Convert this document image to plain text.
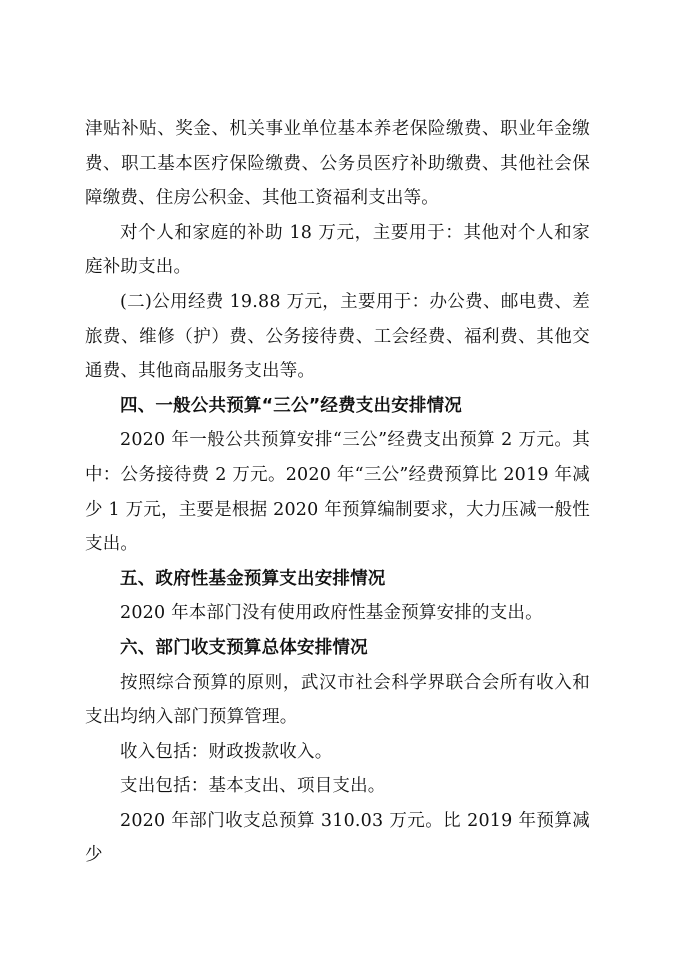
津贴补贴、奖金、机关事业单位基本养老保险缴费、职业年金缴费、职工基本医疗保险缴费、公务员医疗补助缴费、其他社会保障缴费、住房公积金、其他工资福利支出等。

对个人和家庭的补助 18 万元，主要用于：其他对个人和家庭补助支出。

(二)公用经费 19.88 万元，主要用于：办公费、邮电费、差旅费、维修（护）费、公务接待费、工会经费、福利费、其他交通费、其他商品服务支出等。

四、一般公共预算“三公”经费支出安排情况

2020 年一般公共预算安排“三公”经费支出预算 2 万元。其中：公务接待费 2 万元。2020 年“三公”经费预算比 2019 年减少 1 万元，主要是根据 2020 年预算编制要求，大力压减一般性支出。

五、政府性基金预算支出安排情况

2020 年本部门没有使用政府性基金预算安排的支出。

六、部门收支预算总体安排情况

按照综合预算的原则，武汉市社会科学界联合会所有收入和支出均纳入部门预算管理。

收入包括：财政拨款收入。

支出包括：基本支出、项目支出。

2020 年部门收支总预算 310.03 万元。比 2019 年预算减少
